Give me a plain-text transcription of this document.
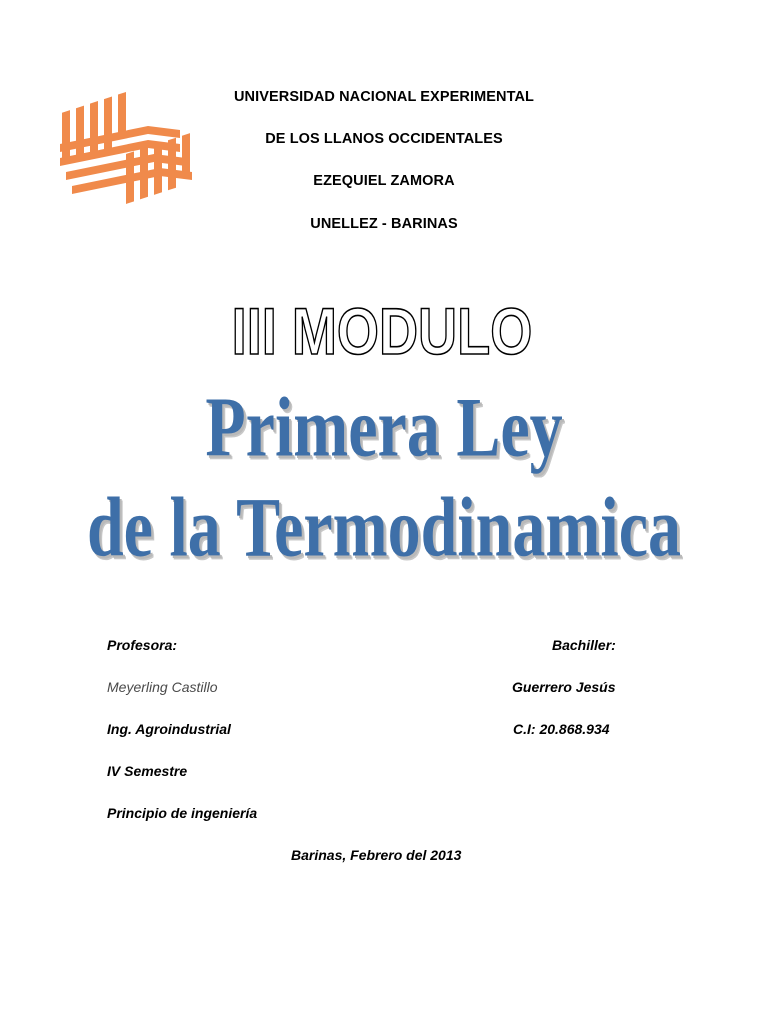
UNIVERSIDAD NACIONAL EXPERIMENTAL
DE LOS LLANOS OCCIDENTALES
EZEQUIEL ZAMORA
UNELLEZ - BARINAS
III MODULO
Primera Ley
de la Termodinamica
Profesora:
Meyerling Castillo
Ing. Agroindustrial
IV Semestre
Principio de ingeniería
Bachiller:
Guerrero Jesús
C.I: 20.868.934
Barinas, Febrero del 2013
